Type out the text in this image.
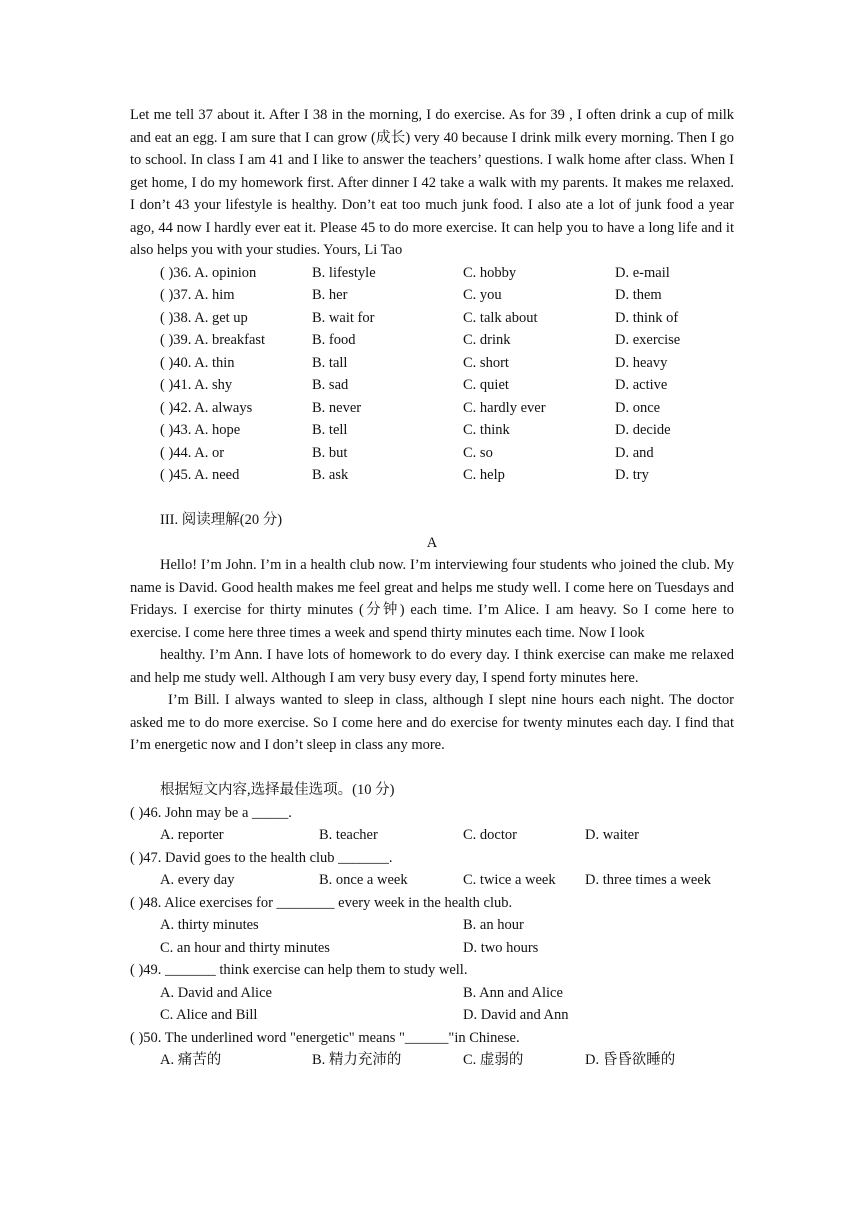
Let me tell 37 about it. After I 38 in the morning, I do exercise. As for 39 , I often drink a cup of milk and eat an egg. I am sure that I can grow (成长) very 40 because I drink milk every morning. Then I go to school. In class I am 41 and I like to answer the teachers’ questions. I walk home after class. When I get home, I do my homework first. After dinner I 42 take a walk with my parents. It makes me relaxed. I don’t 43 your lifestyle is healthy. Don’t eat too much junk food. I also ate a lot of junk food a year ago, 44 now I hardly ever eat it. Please 45 to do more exercise. It can help you to have a long life and it also helps you with your studies. Yours, Li Tao

( )36. A. opinion	B. lifestyle	C. hobby	D. e-mail
( )37. A. him	B. her	C. you	D. them
( )38. A. get up	B. wait for	C. talk about	D. think of
( )39. A. breakfast	B. food	C. drink	D. exercise
( )40. A. thin	B. tall	C. short	D. heavy
( )41. A. shy	B. sad	C. quiet	D. active
( )42. A. always	B. never	C. hardly ever	D. once
( )43. A. hope	B. tell	C. think	D. decide
( )44. A. or	B. but	C. so	D. and
( )45. A. need	B. ask	C. help	D. try
III. 阅读理解(20 分)
A

Hello! I’m John. I’m in a health club now. I’m interviewing four students who joined the club. My name is David. Good health makes me feel great and helps me study well. I come here on Tuesdays and Fridays. I exercise for thirty minutes (分钟) each time. I’m Alice. I am heavy. So I come here to exercise. I come here three times a week and spend thirty minutes each time. Now I look

healthy. I’m Ann. I have lots of homework to do every day. I think exercise can make me relaxed and help me study well. Although I am very busy every day, I spend forty minutes here.

I’m Bill. I always wanted to sleep in class, although I slept nine hours each night. The doctor asked me to do more exercise. So I come here and do exercise for twenty minutes each day. I find that I’m energetic now and I don’t sleep in class any more.

根据短文内容,选择最佳选项。(10 分)
( )46. John may be a _____.
A. reporter	B. teacher	C. doctor	D. waiter
( )47. David goes to the health club _______.
A. every day	B. once a week	C. twice a week D. three times a week
( )48. Alice exercises for ________ every week in the health club.
A. thirty minutes	B. an hour
C. an hour and thirty minutes	D. two hours
( )49. _______ think exercise can help them to study well.
A. David and Alice	B. Ann and Alice
C. Alice and Bill	D. David and Ann
( )50. The underlined word "energetic" means "______"in Chinese.
A. 痛苦的	B. 精力充沛的	C. 虚弱的	D. 昏昏欲睡的
